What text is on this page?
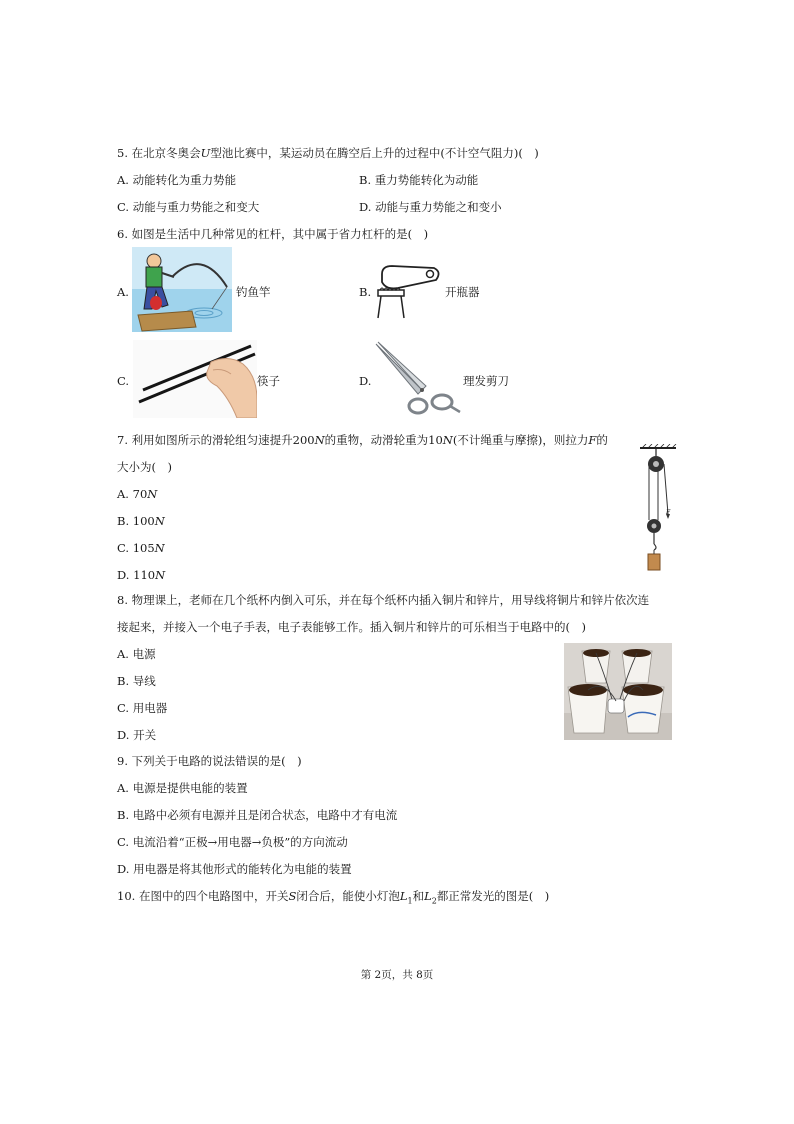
5. 在北京冬奥会U型池比赛中，某运动员在腾空后上升的过程中(不计空气阻力)(　)
A. 动能转化为重力势能	B. 重力势能转化为动能
C. 动能与重力势能之和变大	D. 动能与重力势能之和变小
6. 如图是生活中几种常见的杠杆，其中属于省力杠杆的是(　)
A.	钓鱼竿	B.	开瓶器
C.	筷子	D.	理发剪刀
7. 利用如图所示的滑轮组匀速提升200N的重物，动滑轮重为10N(不计绳重与摩擦)，则拉力F的
大小为(　)
A. 70N
B. 100N
C. 105N
D. 110N
F
8. 物理课上，老师在几个纸杯内倒入可乐，并在每个纸杯内插入铜片和锌片，用导线将铜片和锌片依次连
接起来，并接入一个电子手表，电子表能够工作。插入铜片和锌片的可乐相当于电路中的(　)
A. 电源
B. 导线
C. 用电器
D. 开关
9. 下列关于电路的说法错误的是(　)
A. 电源是提供电能的装置
B. 电路中必须有电源并且是闭合状态，电路中才有电流
C. 电流沿着“正极→用电器→负极”的方向流动
D. 用电器是将其他形式的能转化为电能的装置
10. 在图中的四个电路图中，开关S闭合后，能使小灯泡$L_1$和$L_2$都正常发光的图是(　)
第 2页，共 8页
